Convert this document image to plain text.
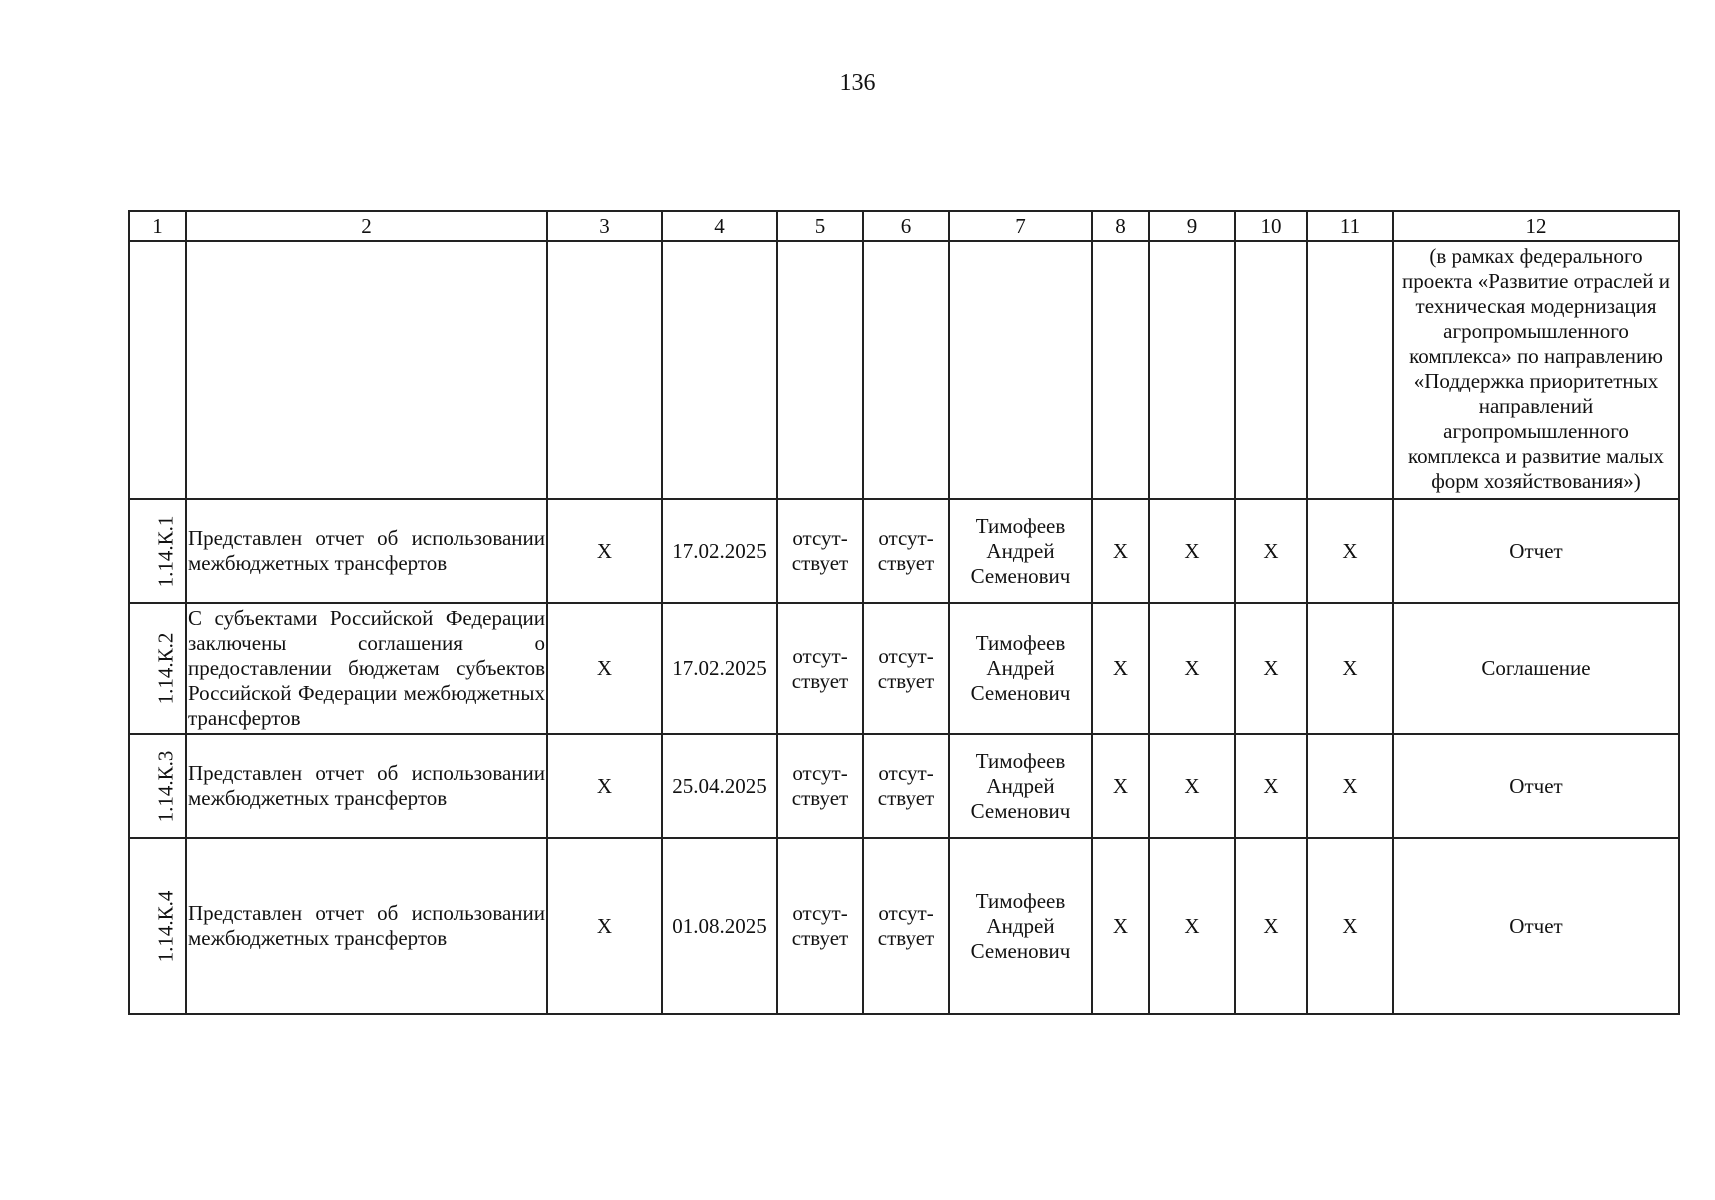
136
1	2	3	4	5	6	7	8	9	10	11	12
											(в рамках федерального проекта «Развитие отраслей и техническая модернизация агропромышленного комплекса» по направлению «Поддержка приоритетных направлений агропромышленного комплекса и развитие малых форм хозяйствования»)
1.14.К.1	Представлен отчет об использовании межбюджетных трансфертов	Х	17.02.2025	отсут-ствует	отсут-ствует	Тимофеев Андрей Семенович	Х	Х	Х	Х	Отчет
1.14.К.2	С субъектами Российской Федерации заключены соглашения о предоставлении бюджетам субъектов Российской Федерации межбюджетных трансфертов	Х	17.02.2025	отсут-ствует	отсут-ствует	Тимофеев Андрей Семенович	Х	Х	Х	Х	Соглашение
1.14.К.3	Представлен отчет об использовании межбюджетных трансфертов	Х	25.04.2025	отсут-ствует	отсут-ствует	Тимофеев Андрей Семенович	Х	Х	Х	Х	Отчет
1.14.К.4	Представлен отчет об использовании межбюджетных трансфертов	Х	01.08.2025	отсут-ствует	отсут-ствует	Тимофеев Андрей Семенович	Х	Х	Х	Х	Отчет
